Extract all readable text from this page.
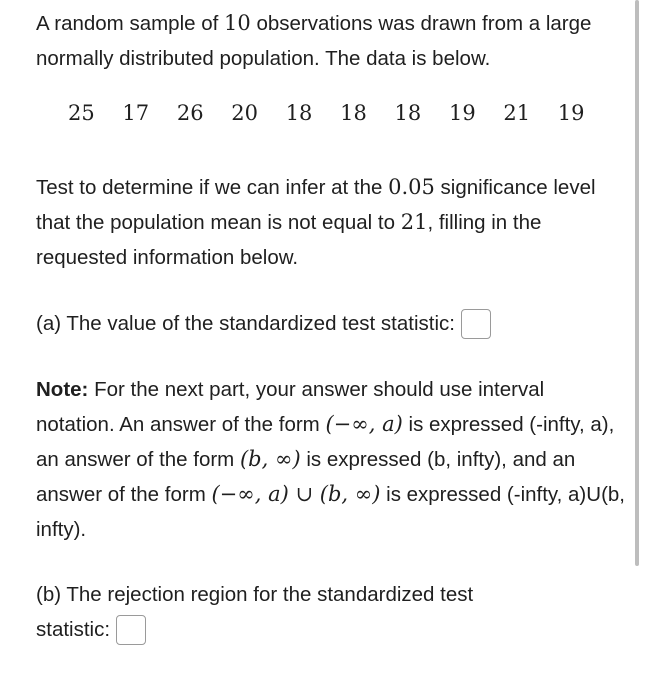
A random sample of 10 observations was drawn from a large normally distributed population. The data is below.

25 17 26 20 18 18 18 19 21 19

Test to determine if we can infer at the 0.05 significance level that the population mean is not equal to 21, filling in the requested information below.

(a) The value of the standardized test statistic:

Note: For the next part, your answer should use interval notation. An answer of the form (−∞, a) is expressed (-infty, a), an answer of the form (b, ∞) is expressed (b, infty), and an answer of the form (−∞, a) ∪ (b, ∞) is expressed (-infty, a)U(b, infty).

(b) The rejection region for the standardized test

statistic:
